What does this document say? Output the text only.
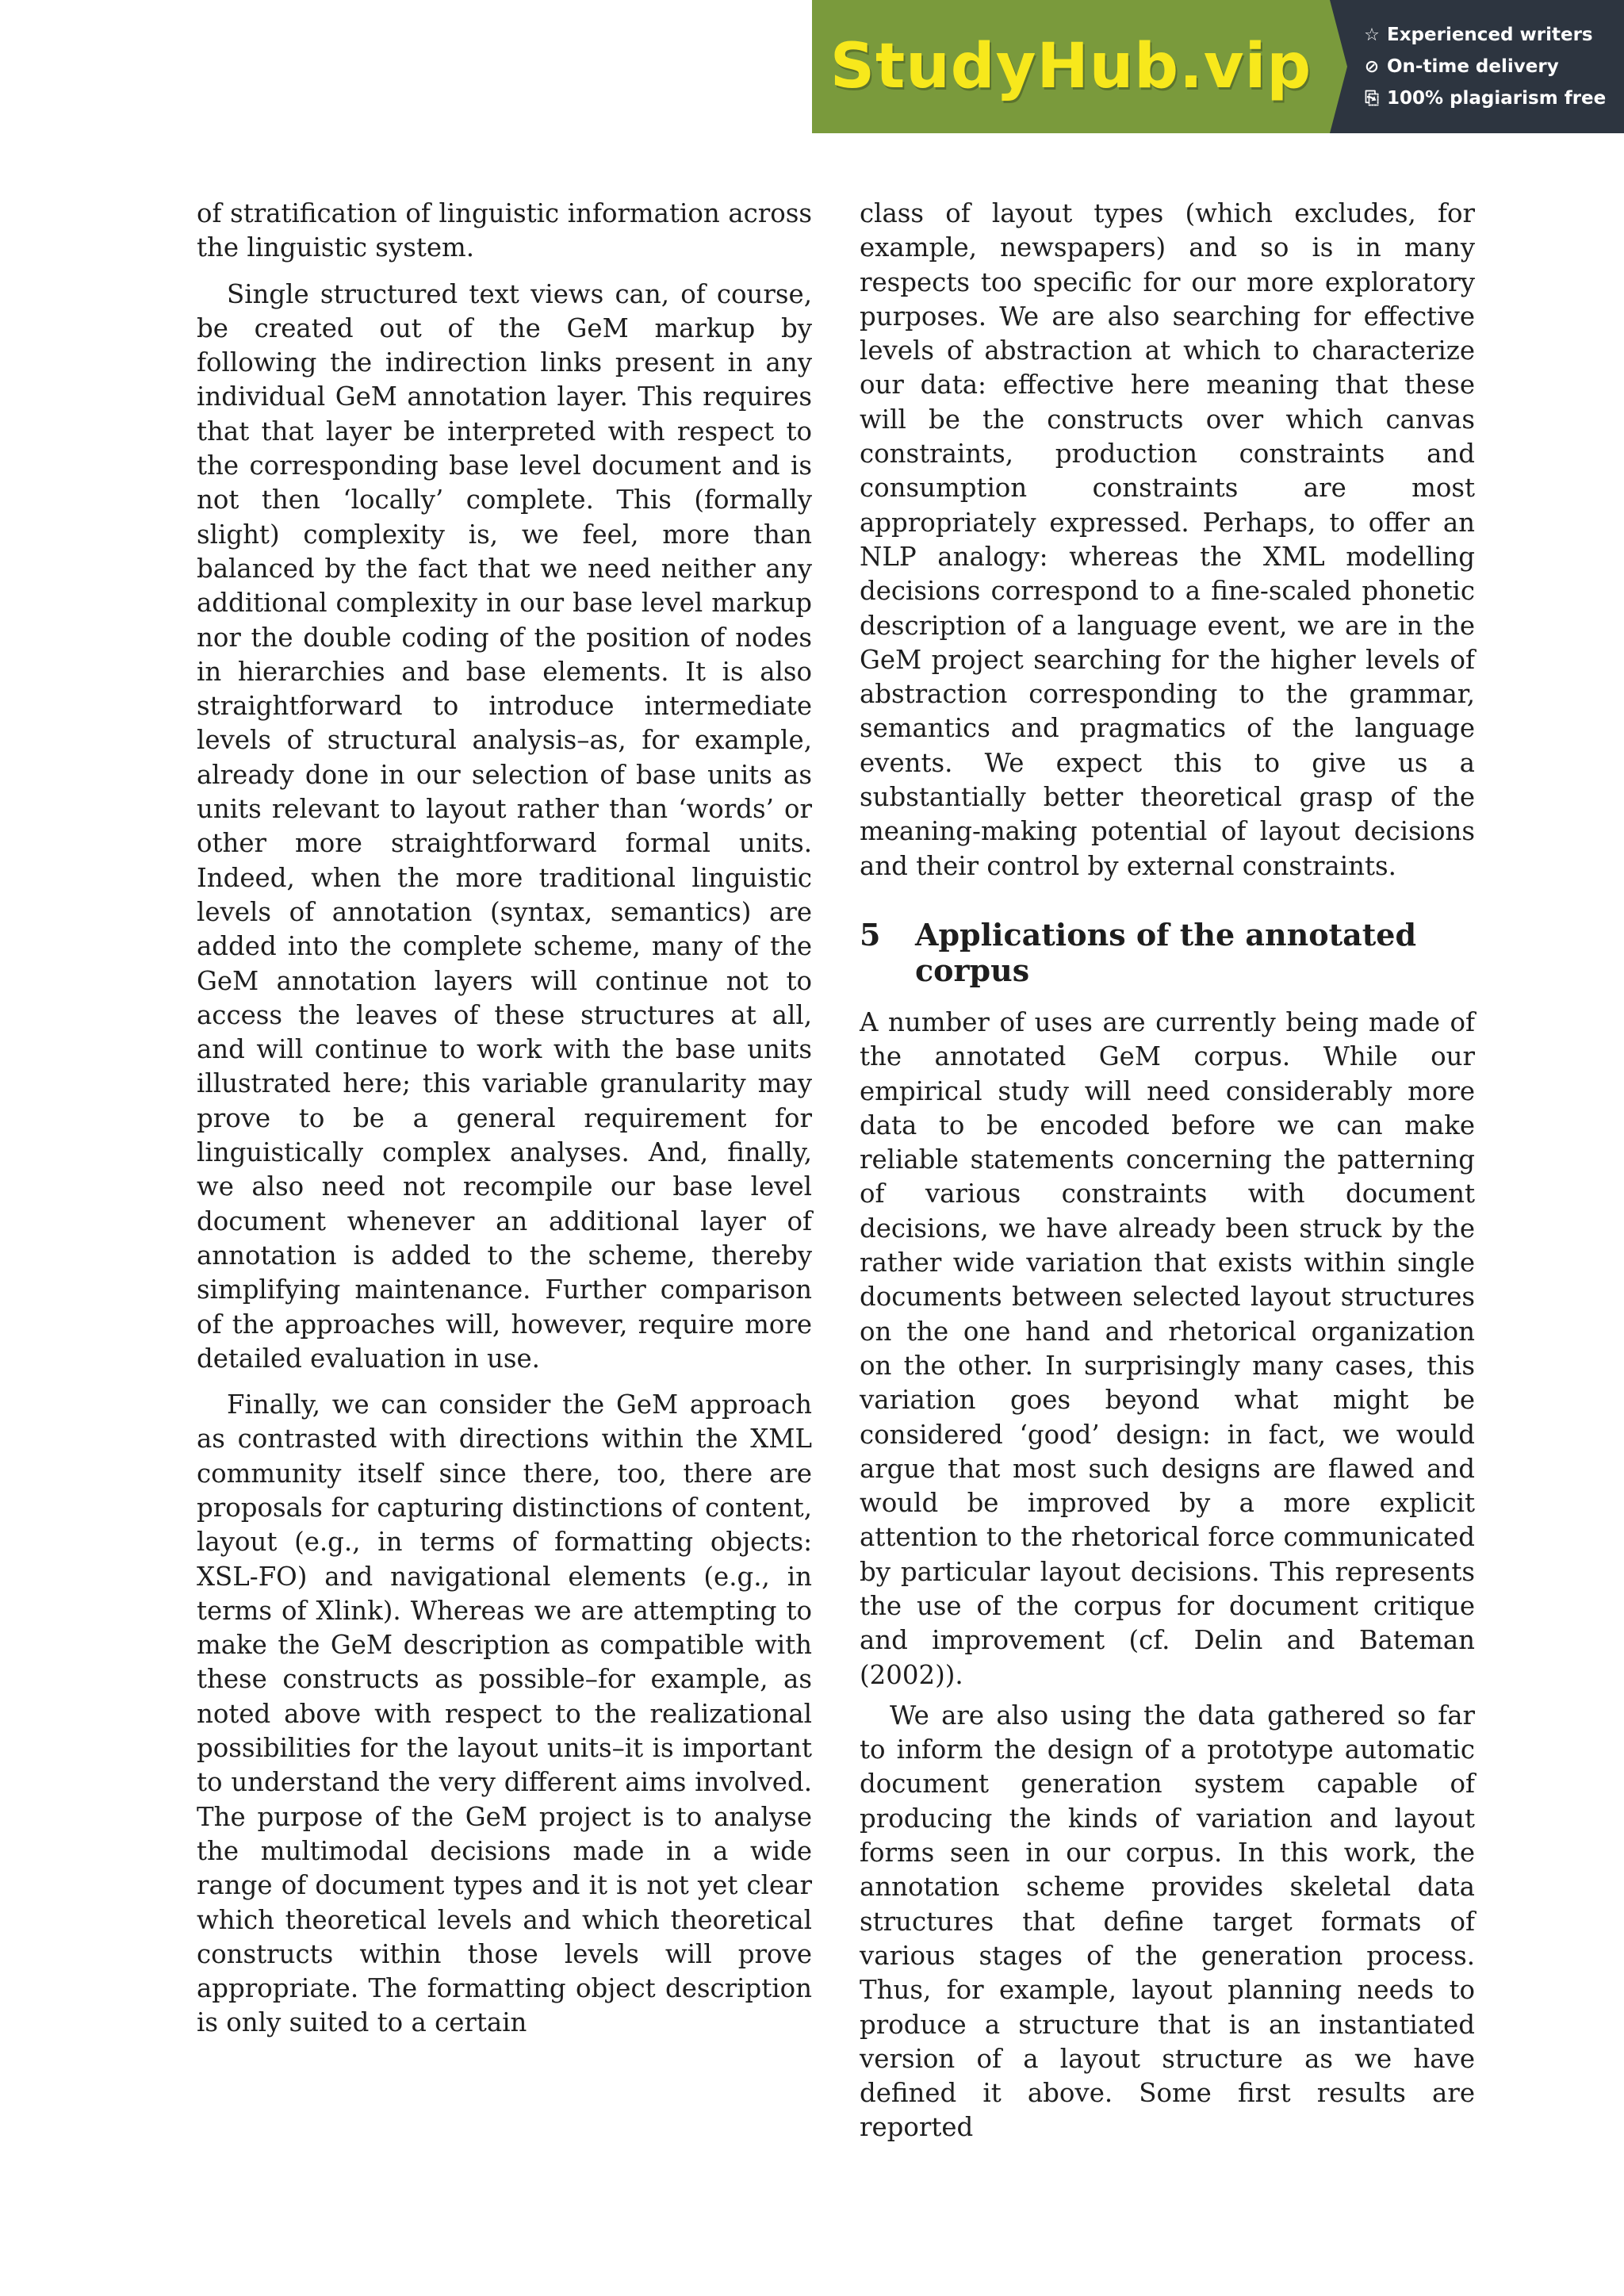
StudyHub.vip	☆ Experienced writers
⊘ On-time delivery
⎘ 100% plagiarism free

of stratification of linguistic information across the linguistic system.

Single structured text views can, of course, be created out of the GeM markup by following the indirection links present in any individual GeM annotation layer. This requires that that layer be interpreted with respect to the corresponding base level document and is not then ‘locally’ complete. This (formally slight) complexity is, we feel, more than balanced by the fact that we need neither any additional complexity in our base level markup nor the double coding of the position of nodes in hierarchies and base elements. It is also straightforward to introduce intermediate levels of structural analysis–as, for example, already done in our selection of base units as units relevant to layout rather than ‘words’ or other more straightforward formal units. Indeed, when the more traditional linguistic levels of annotation (syntax, semantics) are added into the complete scheme, many of the GeM annotation layers will continue not to access the leaves of these structures at all, and will continue to work with the base units illustrated here; this variable granularity may prove to be a general requirement for linguistically complex analyses. And, finally, we also need not recompile our base level document whenever an additional layer of annotation is added to the scheme, thereby simplifying maintenance. Further comparison of the approaches will, however, require more detailed evaluation in use.

Finally, we can consider the GeM approach as contrasted with directions within the XML community itself since there, too, there are proposals for capturing distinctions of content, layout (e.g., in terms of formatting objects: XSL-FO) and navigational elements (e.g., in terms of Xlink). Whereas we are attempting to make the GeM description as compatible with these constructs as possible–for example, as noted above with respect to the realizational possibilities for the layout units–it is important to understand the very different aims involved. The purpose of the GeM project is to analyse the multimodal decisions made in a wide range of document types and it is not yet clear which theoretical levels and which theoretical constructs within those levels will prove appropriate. The formatting object description is only suited to a certain

class of layout types (which excludes, for example, newspapers) and so is in many respects too specific for our more exploratory purposes. We are also searching for effective levels of abstraction at which to characterize our data: effective here meaning that these will be the constructs over which canvas constraints, production constraints and consumption constraints are most appropriately expressed. Perhaps, to offer an NLP analogy: whereas the XML modelling decisions correspond to a fine-scaled phonetic description of a language event, we are in the GeM project searching for the higher levels of abstraction corresponding to the grammar, semantics and pragmatics of the language events. We expect this to give us a substantially better theoretical grasp of the meaning-making potential of layout decisions and their control by external constraints.

5	Applications of the annotated corpus

A number of uses are currently being made of the annotated GeM corpus. While our empirical study will need considerably more data to be encoded before we can make reliable statements concerning the patterning of various constraints with document decisions, we have already been struck by the rather wide variation that exists within single documents between selected layout structures on the one hand and rhetorical organization on the other. In surprisingly many cases, this variation goes beyond what might be considered ‘good’ design: in fact, we would argue that most such designs are flawed and would be improved by a more explicit attention to the rhetorical force communicated by particular layout decisions. This represents the use of the corpus for document critique and improvement (cf. Delin and Bateman (2002)).

We are also using the data gathered so far to inform the design of a prototype automatic document generation system capable of producing the kinds of variation and layout forms seen in our corpus. In this work, the annotation scheme provides skeletal data structures that define target formats of various stages of the generation process. Thus, for example, layout planning needs to produce a structure that is an instantiated version of a layout structure as we have defined it above. Some first results are reported
